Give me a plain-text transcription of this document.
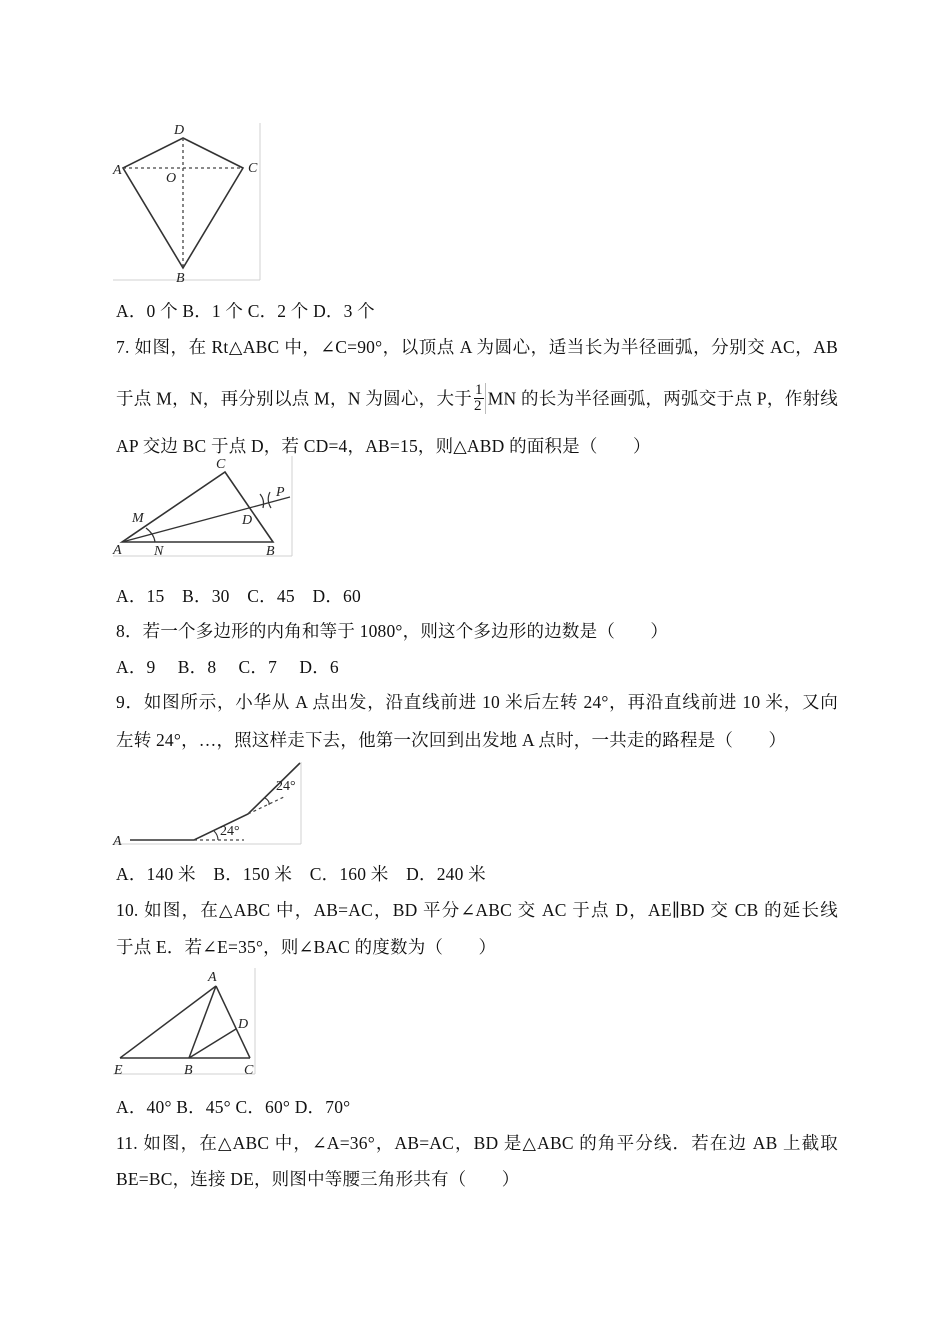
D
A	C
O
B
A．0 个 B．1 个 C．2 个 D．3 个
7. 如图，在 Rt△ABC 中，∠C=90°，以顶点 A 为圆心，适当长为半径画弧，分别交 AC，AB
于点 M，N，再分别以点 M，N 为圆心，大于 $\frac{1}{2}$ MN 的长为半径画弧，两弧交于点 P，作射线
AP 交边 BC 于点 D，若 CD=4，AB=15，则△ABD 的面积是（　　）
C
P
M	D
A N	B
A．15　B．30　C．45　D．60
8．若一个多边形的内角和等于 1080°，则这个多边形的边数是（　　）
A．9　 B．8　 C．7　 D．6
9．如图所示，小华从 A 点出发，沿直线前进 10 米后左转 24°，再沿直线前进 10 米，又向
左转 24°，…，照这样走下去，他第一次回到出发地 A 点时，一共走的路程是（　　）
A
24°
24°
A．140 米　B．150 米　C．160 米　D．240 米
10. 如图，在△ABC 中，AB=AC，BD 平分∠ABC 交 AC 于点 D，AE∥BD 交 CB 的延长线
于点 E．若∠E=35°，则∠BAC 的度数为（　　）
A
D
E	B	C
A．40° B．45° C．60° D．70°
11. 如图，在△ABC 中，∠A=36°，AB=AC，BD 是△ABC 的角平分线．若在边 AB 上截取
BE=BC，连接 DE，则图中等腰三角形共有（　　）
